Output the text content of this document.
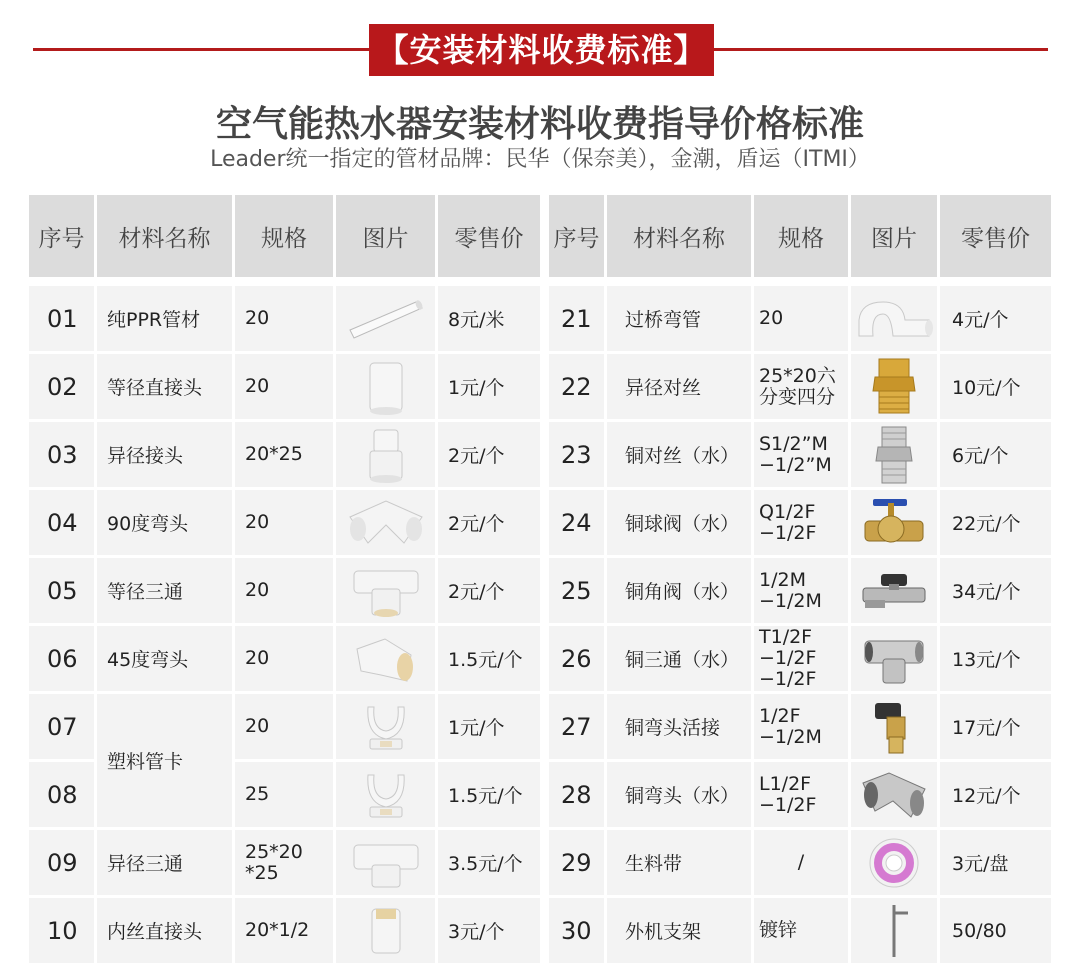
【安装材料收费标准】
空气能热水器安装材料收费指导价格标准
Leader统一指定的管材品牌：民华（保奈美），金潮，盾运（ITMI）
序号	材料名称	规格	图片	零售价

01	纯PPR管材	20		8元/米
02	等径直接头	20		1元/个
03	异径接头	20*25		2元/个
04	90度弯头	20		2元/个
05	等径三通	20		2元/个
06	45度弯头	20		1.5元/个
07	塑料管卡	20		1元/个
08		25		1.5元/个
09	异径三通	25*20 *25		3.5元/个
10	内丝直接头	20*1/2		3元/个
序号	材料名称	规格	图片	零售价

21	过桥弯管	20		4元/个
22	异径对丝	25*20六 分变四分		10元/个
23	铜对丝（水）	S1/2”M −1/2”M		6元/个
24	铜球阀（水）	Q1/2F −1/2F		22元/个
25	铜角阀（水）	1/2M −1/2M		34元/个
26	铜三通（水）	T1/2F −1/2F −1/2F		13元/个
27	铜弯头活接	1/2F −1/2M		17元/个
28	铜弯头（水）	L1/2F −1/2F		12元/个
29	生料带	/		3元/盘
30	外机支架	镀锌		50/80
